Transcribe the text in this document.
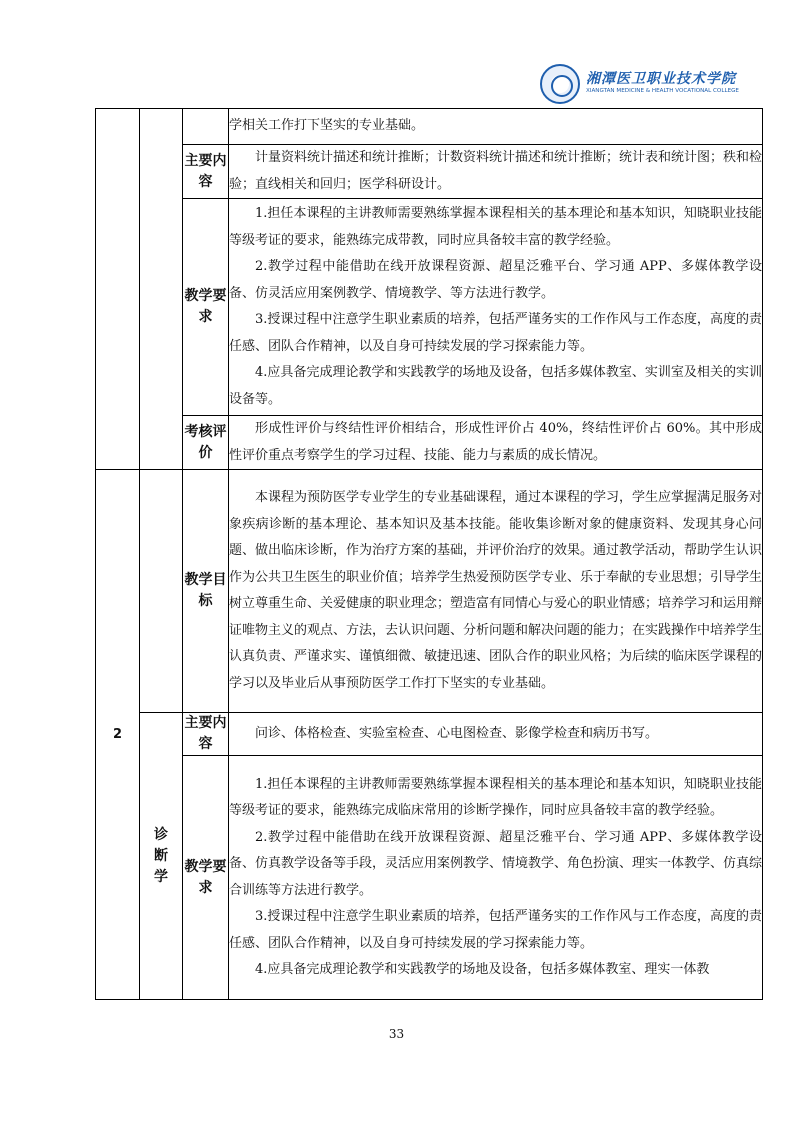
湘潭医卫职业技术学院
XIANGTAN MEDICINE & HEALTH VOCATIONAL COLLEGE

			学相关工作打下坚实的专业基础。

		主要内容	计量资料统计描述和统计推断；计数资料统计描述和统计推断；统计表和统计图；秩和检验；直线相关和回归；医学科研设计。

		教学要求	1.担任本课程的主讲教师需要熟练掌握本课程相关的基本理论和基本知识，知晓职业技能等级考证的要求，能熟练完成带教，同时应具备较丰富的教学经验。

2.教学过程中能借助在线开放课程资源、超星泛雅平台、学习通 APP、多媒体教学设备、仿灵活应用案例教学、情境教学、等方法进行教学。

3.授课过程中注意学生职业素质的培养，包括严谨务实的工作作风与工作态度，高度的责任感、团队合作精神，以及自身可持续发展的学习探索能力等。

4.应具备完成理论教学和实践教学的场地及设备，包括多媒体教室、实训室及相关的实训设备等。

		考核评价	形成性评价与终结性评价相结合，形成性评价占 40%，终结性评价占 60%。其中形成性评价重点考察学生的学习过程、技能、能力与素质的成长情况。

2		教学目标	本课程为预防医学专业学生的专业基础课程，通过本课程的学习，学生应掌握满足服务对象疾病诊断的基本理论、基本知识及基本技能。能收集诊断对象的健康资料、发现其身心问题、做出临床诊断，作为治疗方案的基础，并评价治疗的效果。通过教学活动，帮助学生认识作为公共卫生医生的职业价值；培养学生热爱预防医学专业、乐于奉献的专业思想；引导学生树立尊重生命、关爱健康的职业理念；塑造富有同情心与爱心的职业情感；培养学习和运用辩证唯物主义的观点、方法，去认识问题、分析问题和解决问题的能力；在实践操作中培养学生认真负责、严谨求实、谨慎细微、敏捷迅速、团队合作的职业风格；为后续的临床医学课程的学习以及毕业后从事预防医学工作打下坚实的专业基础。

	诊断学	主要内容	问诊、体格检查、实验室检查、心电图检查、影像学检查和病历书写。

		教学要求	1.担任本课程的主讲教师需要熟练掌握本课程相关的基本理论和基本知识，知晓职业技能等级考证的要求，能熟练完成临床常用的诊断学操作，同时应具备较丰富的教学经验。

2.教学过程中能借助在线开放课程资源、超星泛雅平台、学习通 APP、多媒体教学设备、仿真教学设备等手段，灵活应用案例教学、情境教学、角色扮演、理实一体教学、仿真综合训练等方法进行教学。

3.授课过程中注意学生职业素质的培养，包括严谨务实的工作作风与工作态度，高度的责任感、团队合作精神，以及自身可持续发展的学习探索能力等。

4.应具备完成理论教学和实践教学的场地及设备，包括多媒体教室、理实一体教

33
